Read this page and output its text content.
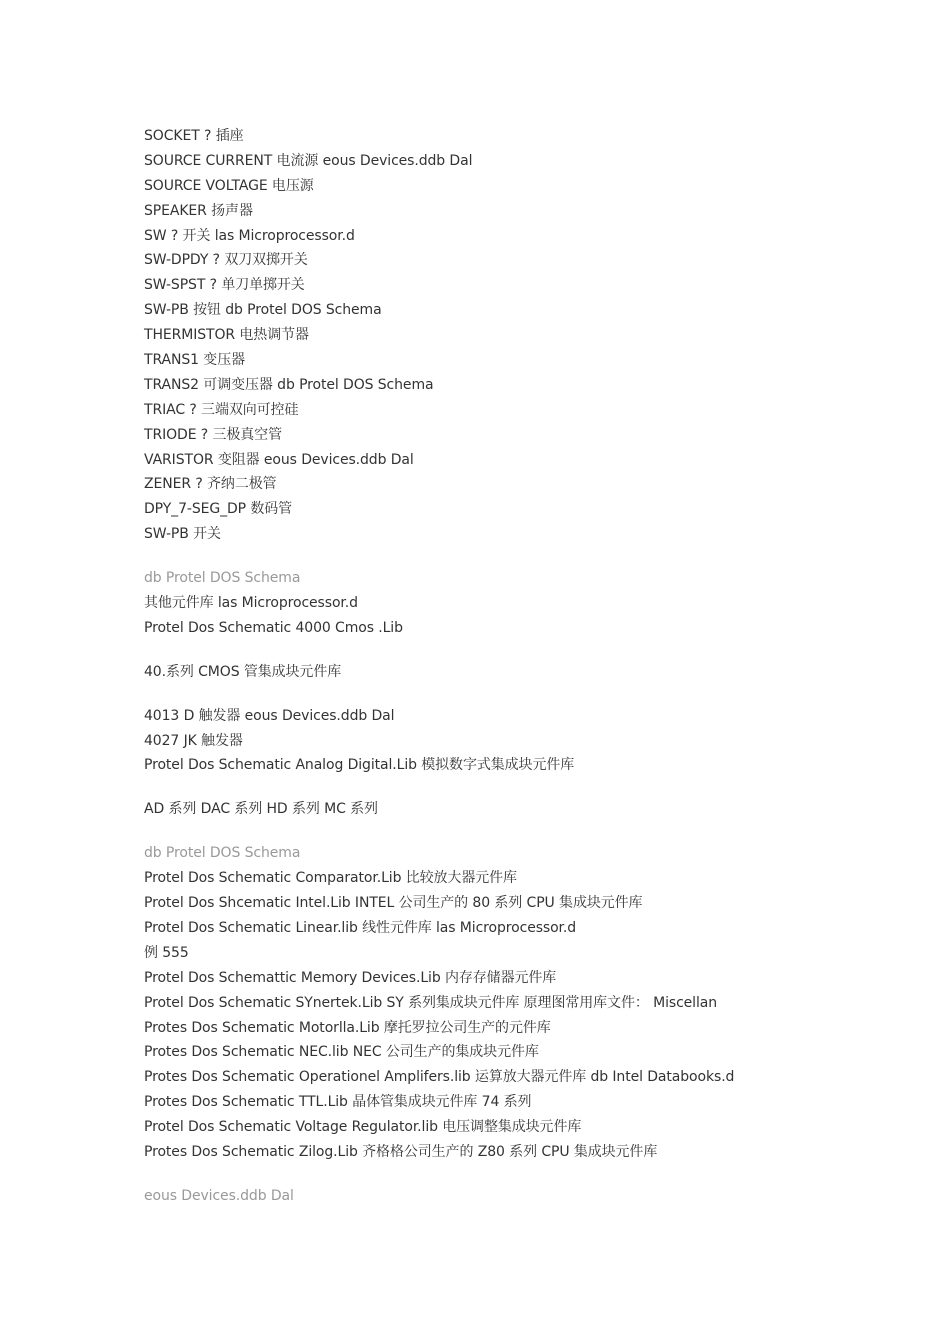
SOCKET ? 插座
SOURCE CURRENT 电流源 eous Devices.ddb Dal
SOURCE VOLTAGE 电压源
SPEAKER 扬声器
SW ? 开关 las Microprocessor.d
SW-DPDY ? 双刀双掷开关
SW-SPST ? 单刀单掷开关
SW-PB 按钮 db Protel DOS Schema
THERMISTOR 电热调节器
TRANS1 变压器
TRANS2 可调变压器 db Protel DOS Schema
TRIAC ? 三端双向可控硅
TRIODE ? 三极真空管
VARISTOR 变阻器 eous Devices.ddb Dal
ZENER ? 齐纳二极管
DPY_7-SEG_DP 数码管
SW-PB 开关
db Protel DOS Schema
其他元件库 las Microprocessor.d
Protel Dos Schematic 4000 Cmos .Lib
40.系列 CMOS 管集成块元件库
4013 D 触发器 eous Devices.ddb Dal
4027 JK 触发器
Protel Dos Schematic Analog Digital.Lib 模拟数字式集成块元件库
AD 系列 DAC 系列 HD 系列 MC 系列
db Protel DOS Schema
Protel Dos Schematic Comparator.Lib 比较放大器元件库
Protel Dos Shcematic Intel.Lib INTEL 公司生产的 80 系列 CPU 集成块元件库
Protel Dos Schematic Linear.lib 线性元件库 las Microprocessor.d
例 555
Protel Dos Schemattic Memory Devices.Lib 内存存储器元件库
Protel Dos Schematic SYnertek.Lib SY 系列集成块元件库 原理图常用库文件： Miscellan
Protes Dos Schematic Motorlla.Lib 摩托罗拉公司生产的元件库
Protes Dos Schematic NEC.lib NEC 公司生产的集成块元件库
Protes Dos Schematic Operationel Amplifers.lib 运算放大器元件库 db Intel Databooks.d
Protes Dos Schematic TTL.Lib 晶体管集成块元件库 74 系列
Protel Dos Schematic Voltage Regulator.lib 电压调整集成块元件库
Protes Dos Schematic Zilog.Lib 齐格格公司生产的 Z80 系列 CPU 集成块元件库
eous Devices.ddb Dal
